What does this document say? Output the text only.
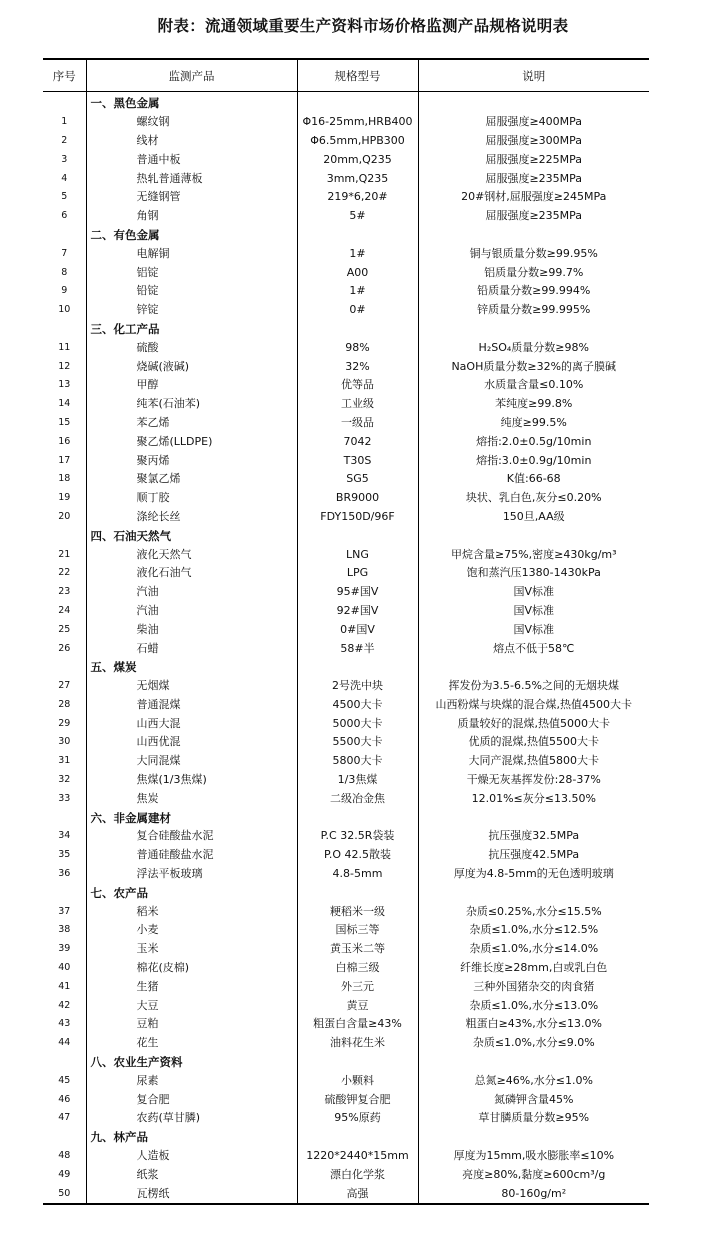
附表：流通领域重要生产资料市场价格监测产品规格说明表
序号	监测产品	规格型号	说明
	一、黑色金属		
1	螺纹钢	Φ16-25mm,HRB400	屈服强度≥400MPa
2	线材	Φ6.5mm,HPB300	屈服强度≥300MPa
3	普通中板	20mm,Q235	屈服强度≥225MPa
4	热轧普通薄板	3mm,Q235	屈服强度≥235MPa
5	无缝钢管	219*6,20#	20#钢材,屈服强度≥245MPa
6	角钢	5#	屈服强度≥235MPa
	二、有色金属		
7	电解铜	1#	铜与银质量分数≥99.95%
8	铝锭	A00	铝质量分数≥99.7%
9	铅锭	1#	铅质量分数≥99.994%
10	锌锭	0#	锌质量分数≥99.995%
	三、化工产品		
11	硫酸	98%	H₂SO₄质量分数≥98%
12	烧碱(液碱)	32%	NaOH质量分数≥32%的离子膜碱
13	甲醇	优等品	水质量含量≤0.10%
14	纯苯(石油苯)	工业级	苯纯度≥99.8%
15	苯乙烯	一级品	纯度≥99.5%
16	聚乙烯(LLDPE)	7042	熔指:2.0±0.5g/10min
17	聚丙烯	T30S	熔指:3.0±0.9g/10min
18	聚氯乙烯	SG5	K值:66-68
19	顺丁胶	BR9000	块状、乳白色,灰分≤0.20%
20	涤纶长丝	FDY150D/96F	150旦,AA级
	四、石油天然气		
21	液化天然气	LNG	甲烷含量≥75%,密度≥430kg/m³
22	液化石油气	LPG	饱和蒸汽压1380-1430kPa
23	汽油	95#国Ⅴ	国Ⅴ标准
24	汽油	92#国Ⅴ	国Ⅴ标准
25	柴油	0#国Ⅴ	国Ⅴ标准
26	石蜡	58#半	熔点不低于58℃
	五、煤炭		
27	无烟煤	2号洗中块	挥发份为3.5-6.5%之间的无烟块煤
28	普通混煤	4500大卡	山西粉煤与块煤的混合煤,热值4500大卡
29	山西大混	5000大卡	质量较好的混煤,热值5000大卡
30	山西优混	5500大卡	优质的混煤,热值5500大卡
31	大同混煤	5800大卡	大同产混煤,热值5800大卡
32	焦煤(1/3焦煤)	1/3焦煤	干燥无灰基挥发份:28-37%
33	焦炭	二级冶金焦	12.01%≤灰分≤13.50%
	六、非金属建材		
34	复合硅酸盐水泥	P.C 32.5R袋装	抗压强度32.5MPa
35	普通硅酸盐水泥	P.O 42.5散装	抗压强度42.5MPa
36	浮法平板玻璃	4.8-5mm	厚度为4.8-5mm的无色透明玻璃
	七、农产品		
37	稻米	粳稻米一级	杂质≤0.25%,水分≤15.5%
38	小麦	国标三等	杂质≤1.0%,水分≤12.5%
39	玉米	黄玉米二等	杂质≤1.0%,水分≤14.0%
40	棉花(皮棉)	白棉三级	纤维长度≥28mm,白或乳白色
41	生猪	外三元	三种外国猪杂交的肉食猪
42	大豆	黄豆	杂质≤1.0%,水分≤13.0%
43	豆粕	粗蛋白含量≥43%	粗蛋白≥43%,水分≤13.0%
44	花生	油料花生米	杂质≤1.0%,水分≤9.0%
	八、农业生产资料		
45	尿素	小颗料	总氮≥46%,水分≤1.0%
46	复合肥	硫酸钾复合肥	氮磷钾含量45%
47	农药(草甘膦)	95%原药	草甘膦质量分数≥95%
	九、林产品		
48	人造板	1220*2440*15mm	厚度为15mm,吸水膨胀率≤10%
49	纸浆	漂白化学浆	亮度≥80%,黏度≥600cm³/g
50	瓦楞纸	高强	80-160g/m²
